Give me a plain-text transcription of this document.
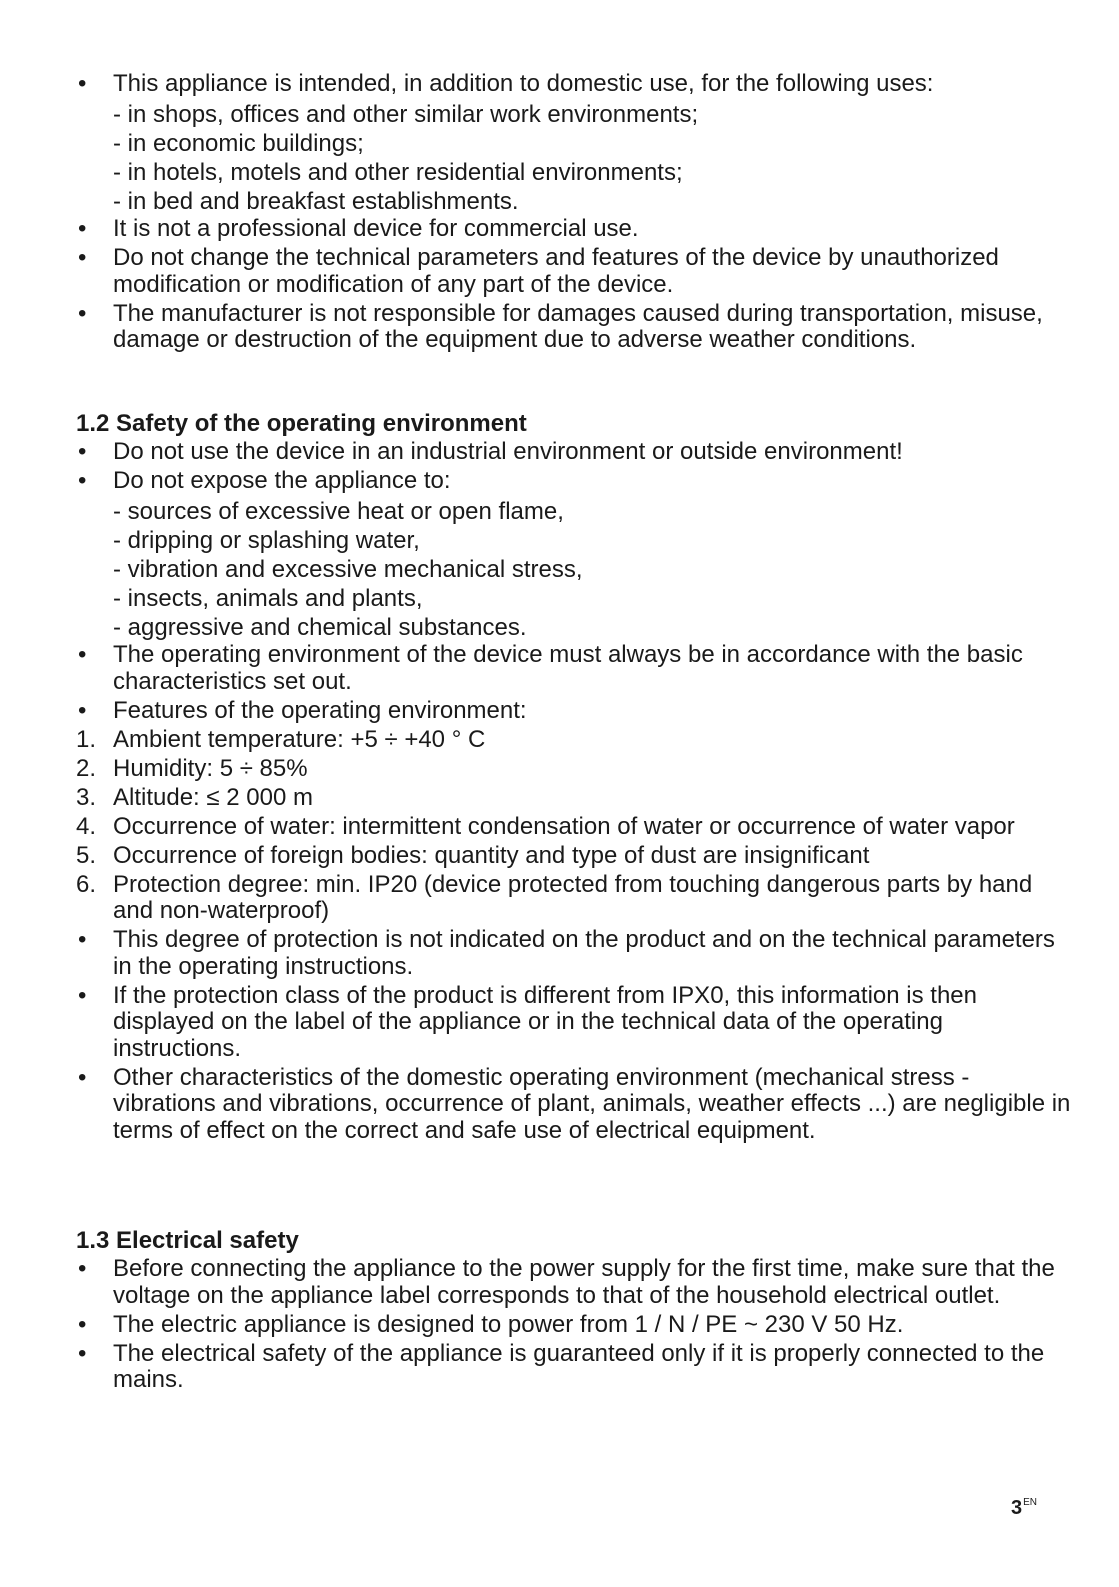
•	This appliance is intended, in addition to domestic use, for the following uses:
- in shops, offices and other similar work environments;
- in economic buildings;
- in hotels, motels and other residential environments;
- in bed and breakfast establishments.
•	It is not a professional device for commercial use.
•	Do not change the technical parameters and features of the device by unauthorized modification or modification of any part of the device.
•	The manufacturer is not responsible for damages caused during transportation, misuse, damage or destruction of the equipment due to adverse weather conditions.
1.2 Safety of the operating environment
•	Do not use the device in an industrial environment or outside environment!
•	Do not expose the appliance to:
- sources of excessive heat or open flame,
- dripping or splashing water,
- vibration and excessive mechanical stress,
- insects, animals and plants,
- aggressive and chemical substances.
•	The operating environment of the device must always be in accordance with the basic characteristics set out.
•	Features of the operating environment:
1. Ambient temperature: +5 ÷ +40 ° C
2. Humidity: 5 ÷ 85%
3. Altitude: ≤ 2 000 m
4. Occurrence of water: intermittent condensation of water or occurrence of water vapor
5. Occurrence of foreign bodies: quantity and type of dust are insignificant
6. Protection degree: min. IP20 (device protected from touching dangerous parts by hand and non-waterproof)
•	This degree of protection is not indicated on the product and on the technical parameters in the operating instructions.
•	If the protection class of the product is different from IPX0, this information is then displayed on the label of the appliance or in the technical data of the operating instructions.
•	Other characteristics of the domestic operating environment (mechanical stress - vibrations and vibrations, occurrence of plant, animals, weather effects ...) are negligible in terms of effect on the correct and safe use of electrical equipment.
1.3 Electrical safety
•	Before connecting the appliance to the power supply for the first time, make sure that the voltage on the appliance label corresponds to that of the household electrical outlet.
•	The electric appliance is designed to power from 1 / N / PE ~ 230 V 50 Hz.
•	The electrical safety of the appliance is guaranteed only if it is properly connected to the mains.
$3^{EN}$
